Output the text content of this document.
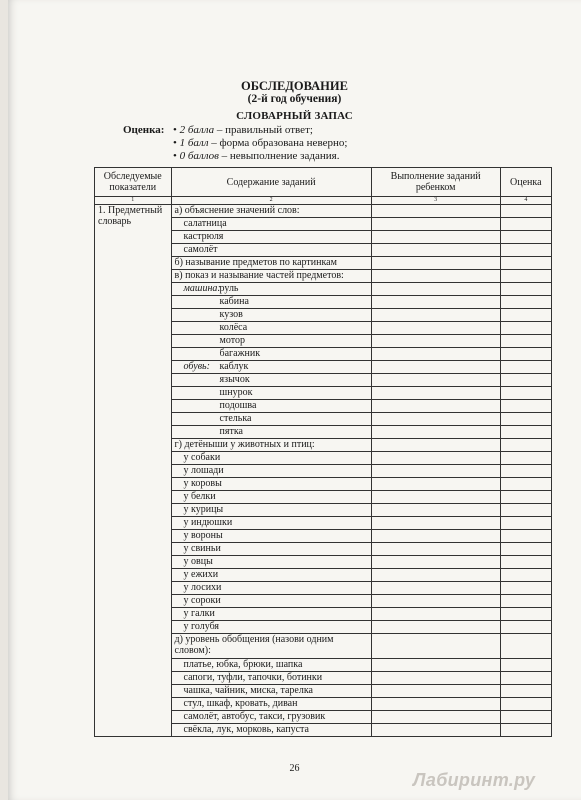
ОБСЛЕДОВАНИЕ
(2-й год обучения)
СЛОВАРНЫЙ ЗАПАС
Оценка: • 2 балла – правильный ответ;
• 1 балл – форма образована неверно;
• 0 баллов – невыполнение задания.
Обследуемые показатели	Содержание заданий	Выполнение заданий ребенком	Оценка
1	2	3	4
1. Предметный словарь	а) объяснение значений слов:		
	салатница		
	кастрюля		
	самолёт		
	б) называние предметов по картинкам		
	в) показ и называние частей предметов:		
	машина:руль		
	кабина		
	кузов		
	колёса		
	мотор		
	багажник		
	обувь: каблук		
	язычок		
	шнурок		
	подошва		
	стелька		
	пятка		
	г) детёныши у животных и птиц:		
	у собаки		
	у лошади		
	у коровы		
	у белки		
	у курицы		
	у индюшки		
	у вороны		
	у свиньи		
	у овцы		
	у ежихи		
	у лосихи		
	у сороки		
	у галки		
	у голубя		
	д) уровень обобщения (назови одним словом):		
	платье, юбка, брюки, шапка		
	сапоги, туфли, тапочки, ботинки		
	чашка, чайник, миска, тарелка		
	стул, шкаф, кровать, диван		
	самолёт, автобус, такси, грузовик		
	свёкла, лук, морковь, капуста		
26
Лабиринт.ру
